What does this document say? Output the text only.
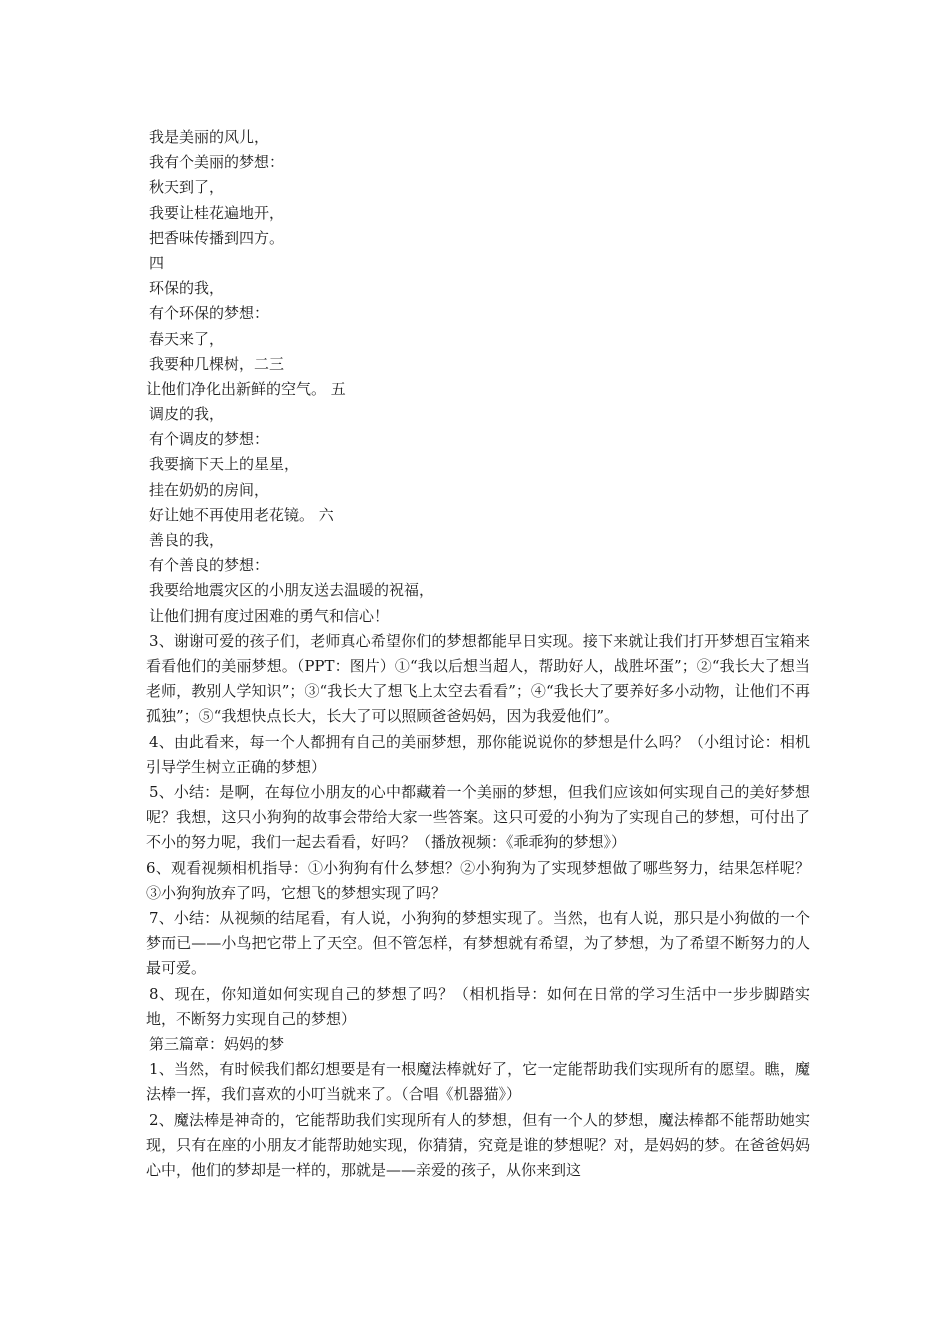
我是美丽的风儿，
我有个美丽的梦想：
秋天到了，
我要让桂花遍地开，
把香味传播到四方。
四
环保的我，
有个环保的梦想：
春天来了，
我要种几棵树，二三
让他们净化出新鲜的空气。 五
调皮的我，
有个调皮的梦想：
我要摘下天上的星星，
挂在奶奶的房间，
好让她不再使用老花镜。 六
善良的我，
有个善良的梦想：
我要给地震灾区的小朋友送去温暖的祝福，
让他们拥有度过困难的勇气和信心！

3、谢谢可爱的孩子们，老师真心希望你们的梦想都能早日实现。接下来就让我们打开梦想百宝箱来看看他们的美丽梦想。（PPT：图片）①“我以后想当超人，帮助好人，战胜坏蛋”；②“我长大了想当老师，教别人学知识”；③“我长大了想飞上太空去看看”；④“我长大了要养好多小动物，让他们不再孤独”；⑤“我想快点长大，长大了可以照顾爸爸妈妈，因为我爱他们”。

4、由此看来，每一个人都拥有自己的美丽梦想，那你能说说你的梦想是什么吗？（小组讨论：相机引导学生树立正确的梦想）

5、小结：是啊，在每位小朋友的心中都藏着一个美丽的梦想，但我们应该如何实现自己的美好梦想呢？我想，这只小狗狗的故事会带给大家一些答案。这只可爱的小狗为了实现自己的梦想，可付出了不小的努力呢，我们一起去看看，好吗？（播放视频：《乖乖狗的梦想》）

6、观看视频相机指导：①小狗狗有什么梦想？②小狗狗为了实现梦想做了哪些努力，结果怎样呢？③小狗狗放弃了吗，它想飞的梦想实现了吗？

7、小结：从视频的结尾看，有人说，小狗狗的梦想实现了。当然，也有人说，那只是小狗做的一个梦而已——小鸟把它带上了天空。但不管怎样，有梦想就有希望，为了梦想，为了希望不断努力的人最可爱。

8、现在，你知道如何实现自己的梦想了吗？（相机指导：如何在日常的学习生活中一步步脚踏实地，不断努力实现自己的梦想）

第三篇章：妈妈的梦

1、当然，有时候我们都幻想要是有一根魔法棒就好了，它一定能帮助我们实现所有的愿望。瞧，魔法棒一挥，我们喜欢的小叮当就来了。（合唱《机器猫》）

2、魔法棒是神奇的，它能帮助我们实现所有人的梦想，但有一个人的梦想，魔法棒都不能帮助她实现，只有在座的小朋友才能帮助她实现，你猜猜，究竟是谁的梦想呢？对，是妈妈的梦。在爸爸妈妈心中，他们的梦却是一样的，那就是——亲爱的孩子，从你来到这
